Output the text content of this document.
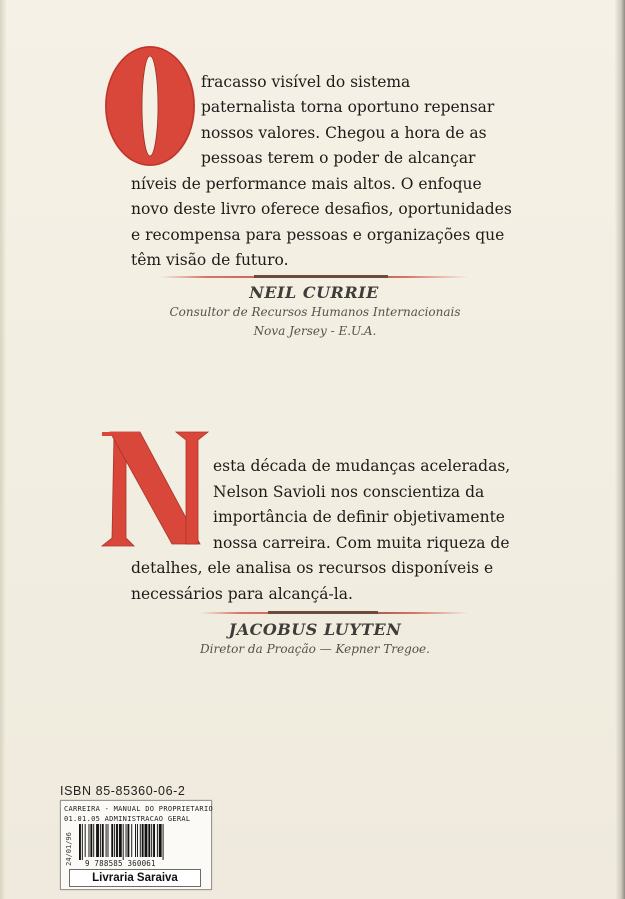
fracasso visível do sistema
paternalista torna oportuno repensar
nossos valores. Chegou a hora de as
pessoas terem o poder de alcançar
níveis de performance mais altos. O enfoque
novo deste livro oferece desafios, oportunidades
e recompensa para pessoas e organizações que
têm visão de futuro.
NEIL CURRIE
Consultor de Recursos Humanos Internacionais
Nova Jersey - E.U.A.
esta década de mudanças aceleradas,
Nelson Savioli nos conscientiza da
importância de definir objetivamente
nossa carreira. Com muita riqueza de
detalhes, ele analisa os recursos disponíveis e
necessários para alcançá-la.
JACOBUS LUYTEN
Diretor da Proação — Kepner Tregoe.
ISBN 85-85360-06-2
CARREIRA - MANUAL DO PROPRIETARIO
01.01.05 ADMINISTRACAO GERAL
24/01/96 9 788585 360061
Livraria Saraiva
